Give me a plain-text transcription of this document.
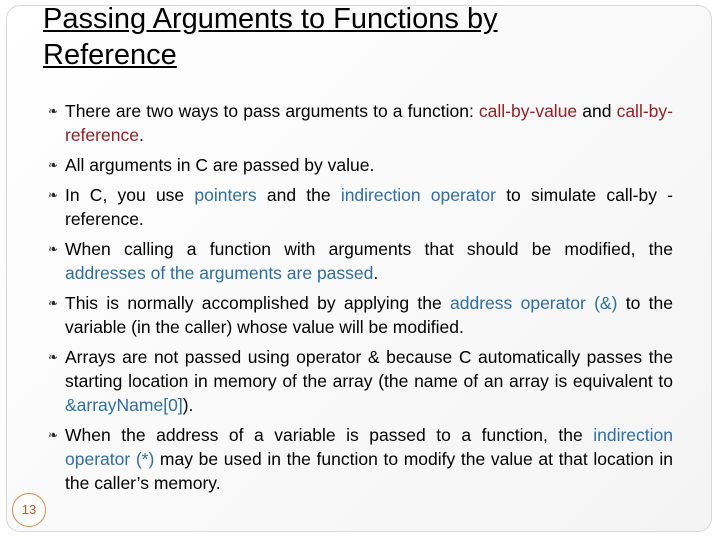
Passing Arguments to Functions by
Reference
❧ There are two ways to pass arguments to a function: call-by-value and call-by-reference.
❧ All arguments in C are passed by value.
❧ In C, you use pointers and the indirection operator to simulate call-by -reference.
❧ When calling a function with arguments that should be modified, the addresses of the arguments are passed.
❧ This is normally accomplished by applying the address operator (&) to the variable (in the caller) whose value will be modified.
❧ Arrays are not passed using operator & because C automatically passes the starting location in memory of the array (the name of an array is equivalent to &arrayName[0]).
❧ When the address of a variable is passed to a function, the indirection operator (*) may be used in the function to modify the value at that location in the caller’s memory.
13
